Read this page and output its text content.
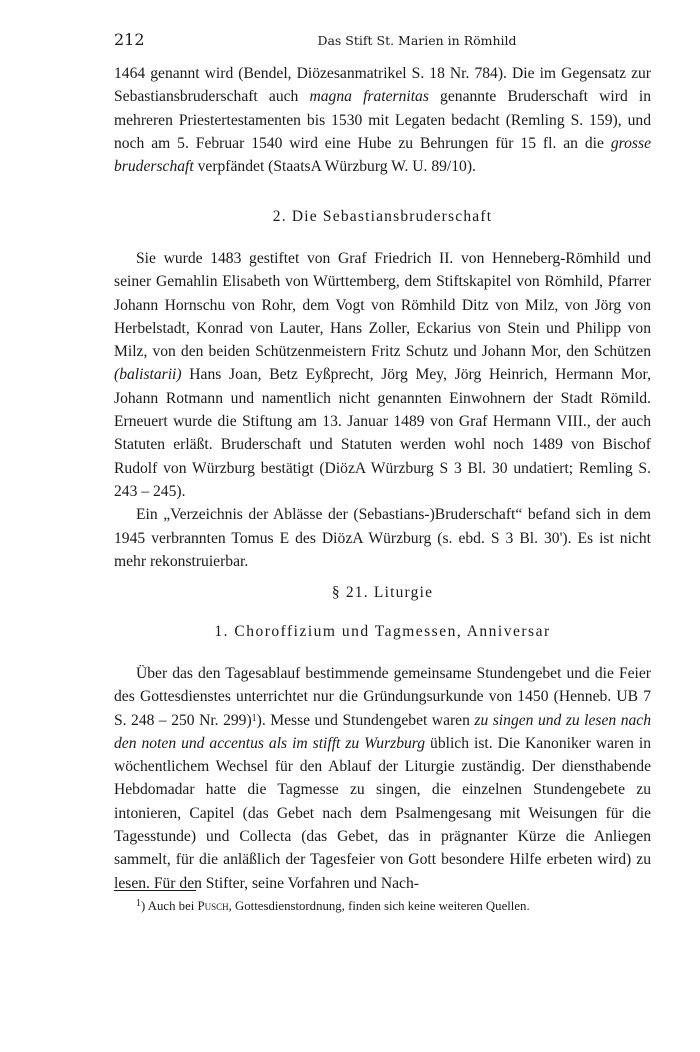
212	Das Stift St. Marien in Römhild

1464 genannt wird (Bendel, Diözesanmatrikel S. 18 Nr. 784). Die im Gegensatz zur Sebastiansbruderschaft auch magna fraternitas genannte Bruderschaft wird in mehreren Priestertestamenten bis 1530 mit Legaten bedacht (Remling S. 159), und noch am 5. Februar 1540 wird eine Hube zu Behrungen für 15 fl. an die grosse bruderschaft verpfändet (StaatsA Würzburg W. U. 89/10).

2. Die Sebastiansbruderschaft

Sie wurde 1483 gestiftet von Graf Friedrich II. von Henneberg-Römhild und seiner Gemahlin Elisabeth von Württemberg, dem Stiftskapitel von Römhild, Pfarrer Johann Hornschu von Rohr, dem Vogt von Römhild Ditz von Milz, von Jörg von Herbelstadt, Konrad von Lauter, Hans Zoller, Eckarius von Stein und Philipp von Milz, von den beiden Schützenmeistern Fritz Schutz und Johann Mor, den Schützen (balistarii) Hans Joan, Betz Eyßprecht, Jörg Mey, Jörg Heinrich, Hermann Mor, Johann Rotmann und namentlich nicht genannten Einwohnern der Stadt Römild. Erneuert wurde die Stiftung am 13. Januar 1489 von Graf Hermann VIII., der auch Statuten erläßt. Bruderschaft und Statuten werden wohl noch 1489 von Bischof Rudolf von Würzburg bestätigt (DiözA Würzburg S 3 Bl. 30 undatiert; Remling S. 243 – 245).

Ein „Verzeichnis der Ablässe der (Sebastians-)Bruderschaft“ befand sich in dem 1945 verbrannten Tomus E des DiözA Würzburg (s. ebd. S 3 Bl. 30'). Es ist nicht mehr rekonstruierbar.

§ 21. Liturgie
1. Choroffizium und Tagmessen, Anniversar

Über das den Tagesablauf bestimmende gemeinsame Stundengebet und die Feier des Gottesdienstes unterrichtet nur die Gründungsurkunde von 1450 (Henneb. UB 7 S. 248 – 250 Nr. 299)$^1$). Messe und Stundengebet waren zu singen und zu lesen nach den noten und accentus als im stifft zu Wurzburg üblich ist. Die Kanoniker waren in wöchentlichem Wechsel für den Ablauf der Liturgie zuständig. Der diensthabende Hebdomadar hatte die Tagmesse zu singen, die einzelnen Stundengebete zu intonieren, Capitel (das Gebet nach dem Psalmengesang mit Weisungen für die Tagesstunde) und Collecta (das Gebet, das in prägnanter Kürze die Anliegen sammelt, für die anläßlich der Tagesfeier von Gott besondere Hilfe erbeten wird) zu lesen. Für den Stifter, seine Vorfahren und Nach-

$^1$) Auch bei Pusch, Gottesdienstordnung, finden sich keine weiteren Quellen.
